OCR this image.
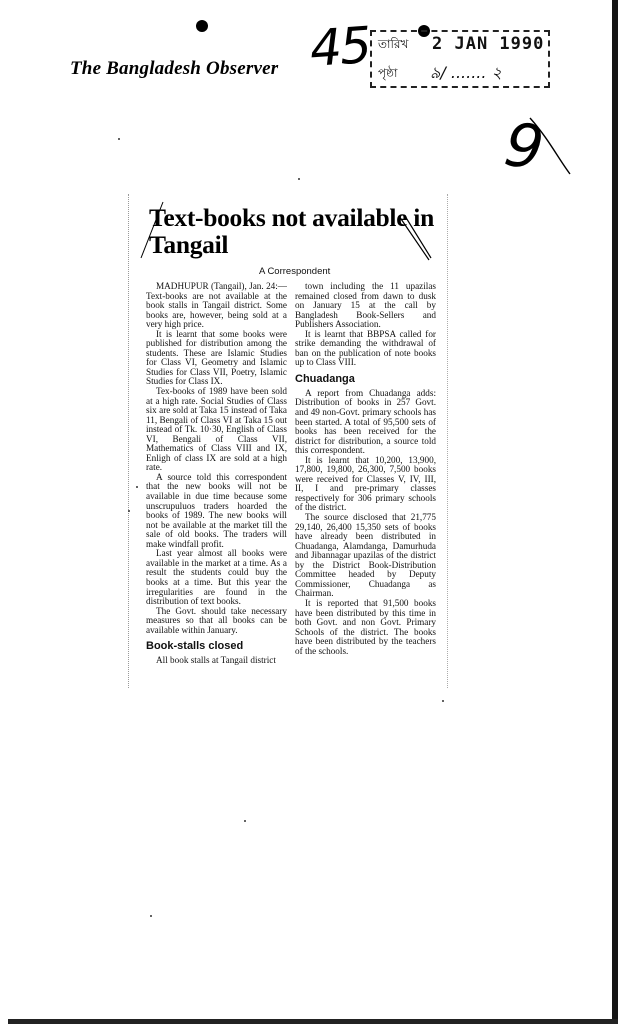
The Bangladesh Observer 45 তারিখ 2 JAN 1990
পৃষ্ঠা ৯/ ....... ২
9
Text-books not available in Tangail
A Correspondent

MADHUPUR (Tangail), Jan. 24:—Text-books are not available at the book stalls in Tangail district. Some books are, however, being sold at a very high price.

It is learnt that some books were published for distribution among the students. These are Islamic Studies for Class VI, Geometry and Islamic Studies for Class VII, Poetry, Islamic Studies for Class IX.

Tex-books of 1989 have been sold at a high rate. Social Studies of Class six are sold at Taka 15 instead of Taka 11, Bengali of Class VI at Taka 15 out instead of Tk. 10·30, English of Class VI, Bengali of Class VII, Mathematics of Class VIII and IX, Enligh of class IX are sold at a high rate.

A source told this correspondent that the new books will not be available in due time because some unscrupuluos traders hoarded the books of 1989. The new books will not be available at the market till the sale of old books. The traders will make windfall profit.

Last year almost all books were available in the market at a time. As a result the students could buy the books at a time. But this year the irregularities are found in the distribution of text books.

The Govt. should take necessary measures so that all books can be available within January.

Book-stalls closed

All book stalls at Tangail district

town including the 11 upazilas remained closed from dawn to dusk on January 15 at the call by Bangladesh Book-Sellers and Publishers Association.

It is learnt that BBPSA called for strike demanding the withdrawal of ban on the publication of note books up to Class VIII.

Chuadanga

A report from Chuadanga adds: Distribution of books in 257 Govt. and 49 non-Govt. primary schools has been started. A total of 95,500 sets of books has been received for the district for distribution, a source told this correspondent.

It is learnt that 10,200, 13,900, 17,800, 19,800, 26,300, 7,500 books were received for Classes V, IV, III, II, I and pre-primary classes respectively for 306 primary schools of the district.

The source disclosed that 21,775 29,140, 26,400 15,350 sets of books have already been distributed in Chuadanga, Alamdanga, Damurhuda and Jibannagar upazilas of the district by the District Book-Distribution Committee headed by Deputy Commissioner, Chuadanga as Chairman.

It is reported that 91,500 books have been distributed by this time in both Govt. and non Govt. Primary Schools of the district. The books have been distributed by the teachers of the schools.
